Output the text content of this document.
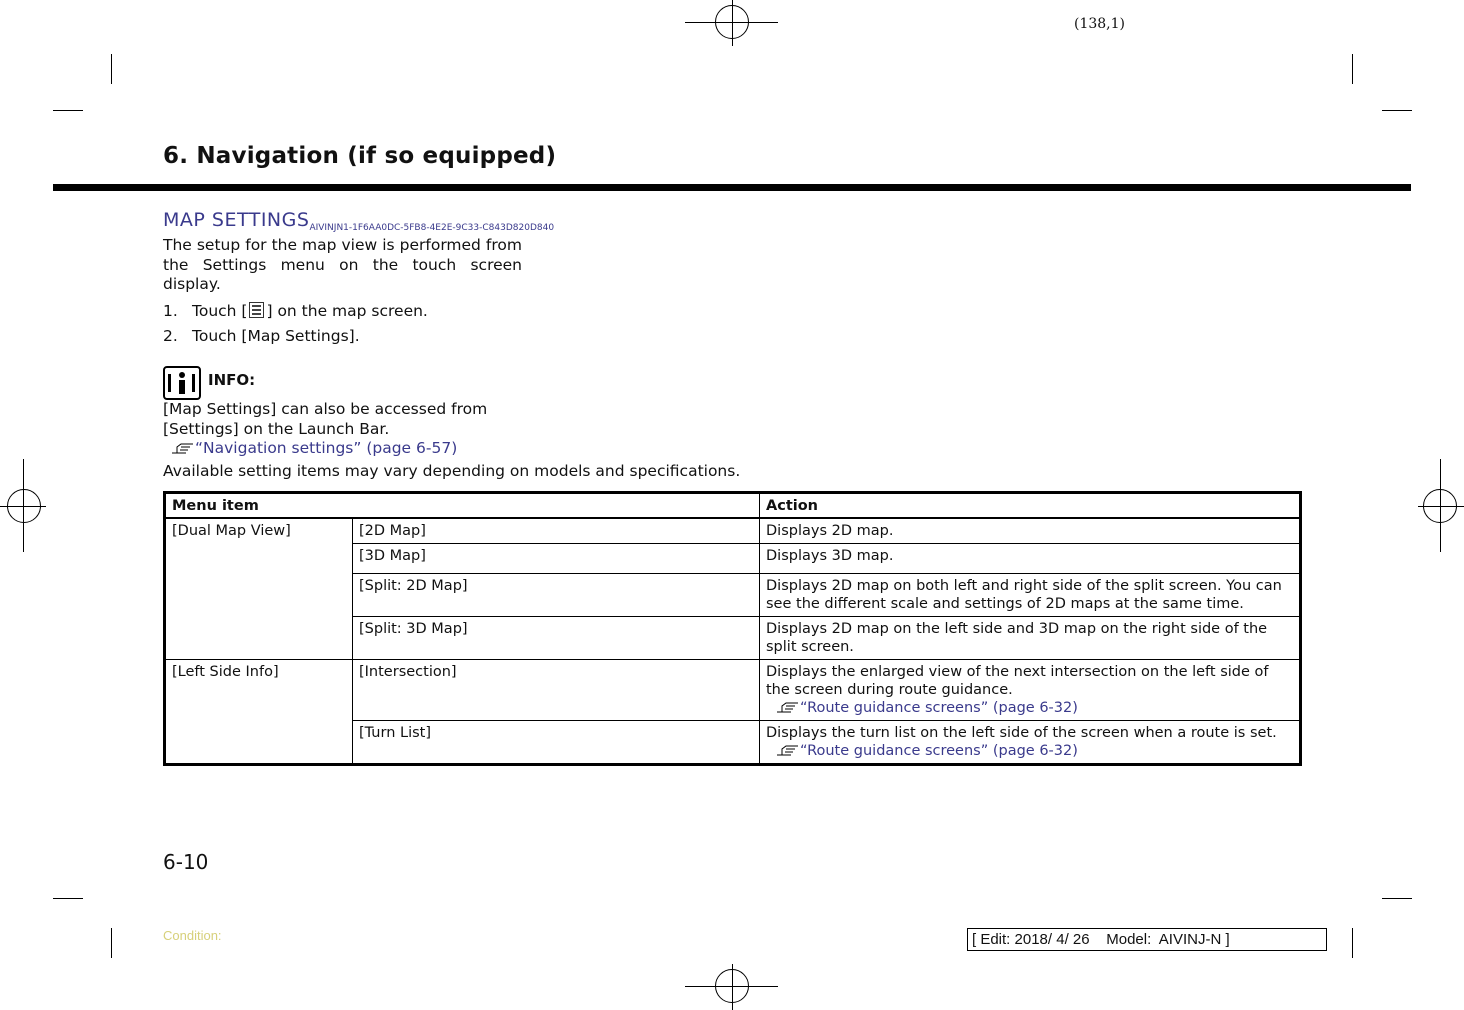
(138,1)
6. Navigation (if so equipped)
MAP $SETTINGS_{AIVINJN1-1F6AA0DC-5FB8-4E2E-9C33-C843D820D840}$
The setup for the map view is performed from the Settings menu on the touch screen display.
1. Touch [ ] on the map screen.
2. Touch [Map Settings].
INFO:
[Map Settings] can also be accessed from [Settings] on the Launch Bar.
“Navigation settings” (page 6-57)
Available setting items may vary depending on models and specifications.
Menu item		Action
[Dual Map View]	[2D Map]	Displays 2D map.
	[3D Map]	Displays 3D map.
	[Split: 2D Map]	Displays 2D map on both left and right side of the split screen. You can see the different scale and settings of 2D maps at the same time.
	[Split: 3D Map]	Displays 2D map on the left side and 3D map on the right side of the split screen.
[Left Side Info]	[Intersection]	Displays the enlarged view of the next intersection on the left side of the screen during route guidance.
“Route guidance screens” (page 6-32)

	[Turn List]	Displays the turn list on the left side of the screen when a route is set.
“Route guidance screens” (page 6-32)
6-10
Condition:	[ Edit: 2018/ 4/ 26    Model:  AIVINJ-N ]
